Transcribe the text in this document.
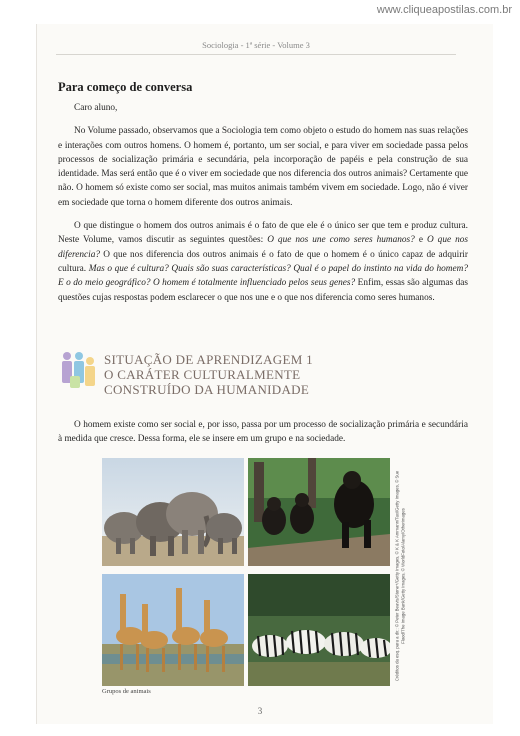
www.cliqueapostilas.com.br
Sociologia - 1ª série - Volume 3
Para começo de conversa

Caro aluno,

No Volume passado, observamos que a Sociologia tem como objeto o estudo do homem nas suas relações e interações com outros homens. O homem é, portanto, um ser social, e para viver em sociedade passa pelos processos de socialização primária e secundária, pela incorporação de papéis e pela construção de sua identidade. Mas será então que é o viver em sociedade que nos diferencia dos outros animais? Certamente que não. O homem só existe como ser social, mas muitos animais também vivem em sociedade. Logo, não é viver em sociedade que torna o homem diferente dos outros animais.

O que distingue o homem dos outros animais é o fato de que ele é o único ser que tem e produz cultura. Neste Volume, vamos discutir as seguintes questões: O que nos une como seres humanos? e O que nos diferencia? O que nos diferencia dos outros animais é o fato de que o homem é o único capaz de adquirir cultura. Mas o que é cultura? Quais são suas características? Qual é o papel do instinto na vida do homem? E o do meio geográfico? O homem é totalmente influenciado pelos seus genes? Enfim, essas são algumas das questões cujas respostas podem esclarecer o que nos une e o que nos diferencia como seres humanos.

SITUAÇÃO DE APRENDIZAGEM 1
O CARÁTER CULTURALMENTE
CONSTRUÍDO DA HUMANIDADE

O homem existe como ser social e, por isso, passa por um processo de socialização primária e secundária à medida que cresce. Dessa forma, ele se insere em um grupo e na sociedade.

Créditos da esq. para a dir.: © Peter Beavis/Stone+/Getty Images, © K & K Ammann/Taxi/Getty Images, © Sue Flood/The Image Bank/Getty Images, © WorldFoto/Alamy/Otherimages
Grupos de animais
3
